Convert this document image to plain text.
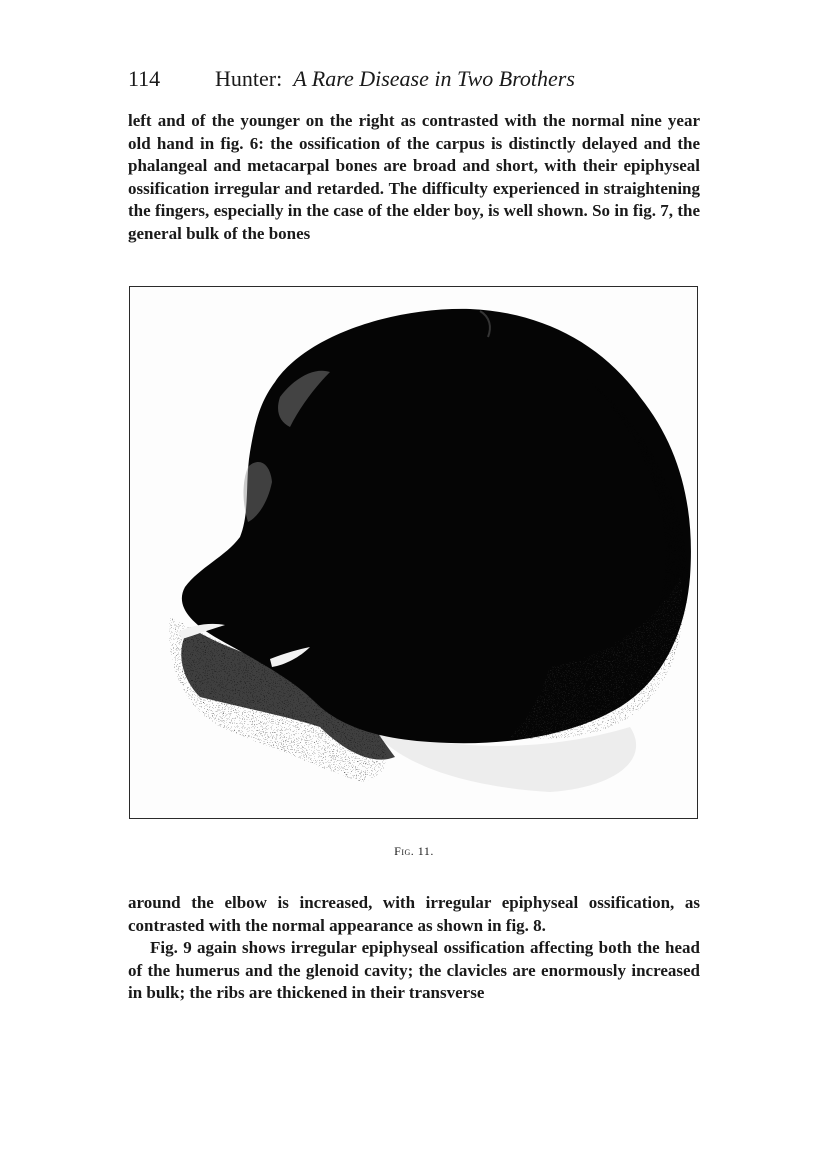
114 Hunter: A Rare Disease in Two Brothers

left and of the younger on the right as contrasted with the normal nine year old hand in fig. 6: the ossification of the carpus is distinctly delayed and the phalangeal and metacarpal bones are broad and short, with their epiphyseal ossification irregular and retarded. The difficulty experienced in straightening the fingers, especially in the case of the elder boy, is well shown. So in fig. 7, the general bulk of the bones

Fig. 11.

around the elbow is increased, with irregular epiphyseal ossification, as contrasted with the normal appearance as shown in fig. 8.

Fig. 9 again shows irregular epiphyseal ossification affecting both the head of the humerus and the glenoid cavity; the clavicles are enormously increased in bulk; the ribs are thickened in their transverse
